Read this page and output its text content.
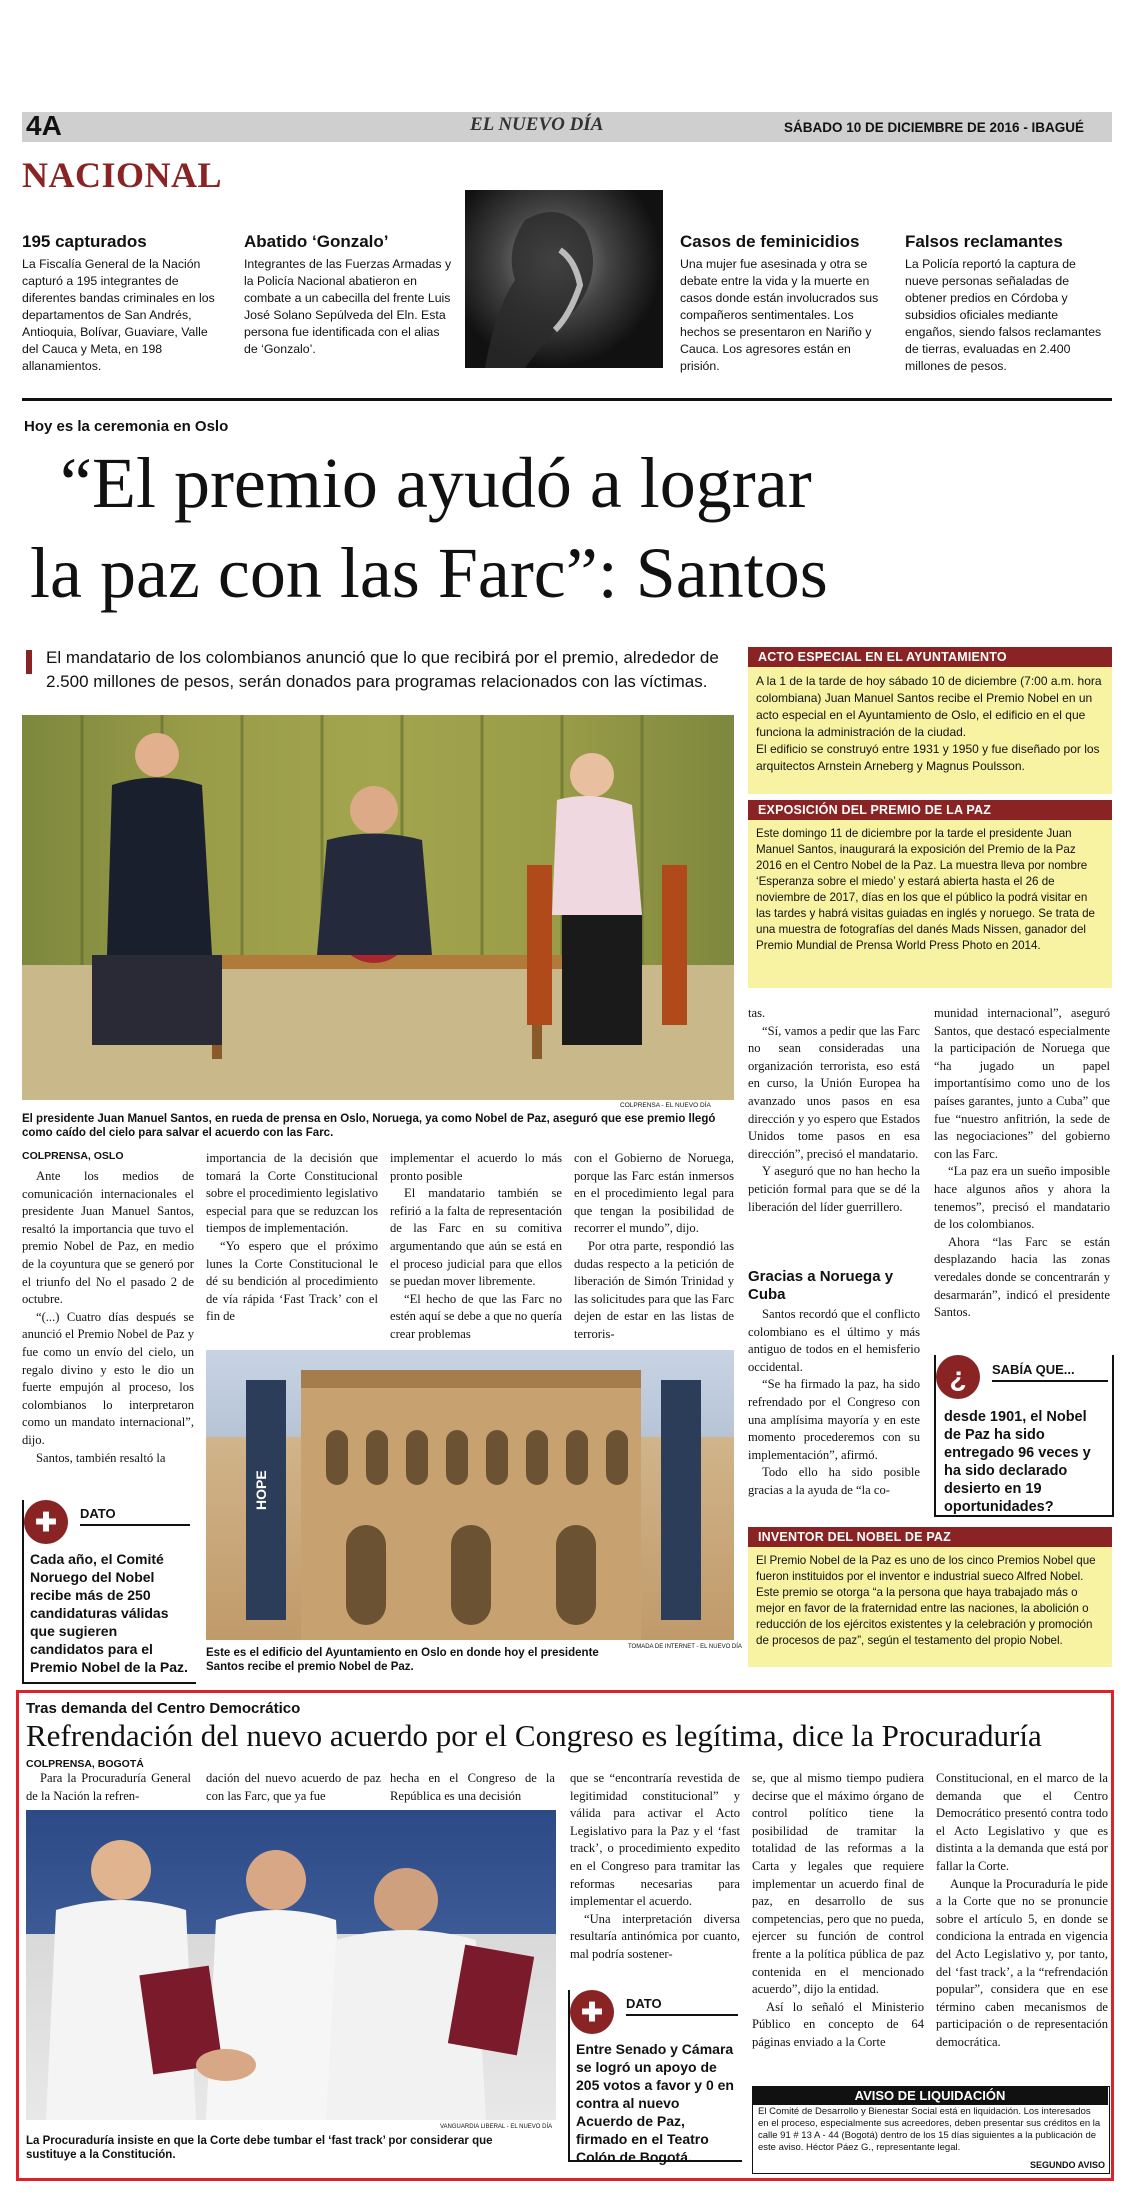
4A	EL NUEVO DÍA	SÁBADO 10 DE DICIEMBRE DE 2016 - IBAGUÉ
NACIONAL
195 capturados

La Fiscalía General de la Nación capturó a 195 integrantes de diferentes bandas criminales en los departamentos de San Andrés, Antioquia, Bolívar, Guaviare, Valle del Cauca y Meta, en 198 allanamientos.

Abatido ‘Gonzalo’

Integrantes de las Fuerzas Armadas y la Policía Nacional abatieron en combate a un cabecilla del frente Luis José Solano Sepúlveda del Eln. Esta persona fue identificada con el alias de ‘Gonzalo’.

Casos de feminicidios

Una mujer fue asesinada y otra se debate entre la vida y la muerte en casos donde están involucrados sus compañeros sentimentales. Los hechos se presentaron en Nariño y Cauca. Los agresores están en prisión.

Falsos reclamantes

La Policía reportó la captura de nueve personas señaladas de obtener predios en Córdoba y subsidios oficiales mediante engaños, siendo falsos reclamantes de tierras, evaluadas en 2.400 millones de pesos.

Hoy es la ceremonia en Oslo
“El premio ayudó a lograr
la paz con las Farc”: Santos
El mandatario de los colombianos anunció que lo que recibirá por el premio, alrededor de 2.500 millones de pesos, serán donados para programas relacionados con las víctimas.
COLPRENSA - EL NUEVO DÍA
El presidente Juan Manuel Santos, en rueda de prensa en Oslo, Noruega, ya como Nobel de Paz, aseguró que ese premio llegó como caído del cielo para salvar el acuerdo con las Farc.
COLPRENSA, OSLO

Ante los medios de comunicación internacionales el presidente Juan Manuel Santos, resaltó la importancia que tuvo el premio Nobel de Paz, en medio de la coyuntura que se generó por el triunfo del No el pasado 2 de octubre.

“(...) Cuatro días después se anunció el Premio Nobel de Paz y fue como un envío del cielo, un regalo divino y esto le dio un fuerte empujón al proceso, los colombianos lo interpretaron como un mandato internacional”, dijo.

Santos, también resaltó la

importancia de la decisión que tomará la Corte Constitucional sobre el procedimiento legislativo especial para que se reduzcan los tiempos de implementación.

“Yo espero que el próximo lunes la Corte Constitucional le dé su bendición al procedimiento de vía rápida ‘Fast Track’ con el fin de

implementar el acuerdo lo más pronto posible

El mandatario también se refirió a la falta de representación de las Farc en su comitiva argumentando que aún se está en el proceso judicial para que ellos se puedan mover libremente.

“El hecho de que las Farc no estén aquí se debe a que no quería crear problemas

con el Gobierno de Noruega, porque las Farc están inmersos en el procedimiento legal para que tengan la posibilidad de recorrer el mundo”, dijo.

Por otra parte, respondió las dudas respecto a la petición de liberación de Simón Trinidad y las solicitudes para que las Farc dejen de estar en las listas de terroris-

HOPE
TOMADA DE INTERNET - EL NUEVO DÍA
Este es el edificio del Ayuntamiento en Oslo en donde hoy el presidente Santos recibe el premio Nobel de Paz.
✚	DATO
Cada año, el Comité Noruego del Nobel recibe más de 250 candidaturas válidas que sugieren candidatos para el Premio Nobel de la Paz.

tas.

“Sí, vamos a pedir que las Farc no sean consideradas una organización terrorista, eso está en curso, la Unión Europea ha avanzado unos pasos en esa dirección y yo espero que Estados Unidos tome pasos en esa dirección”, precisó el mandatario.

Y aseguró que no han hecho la petición formal para que se dé la liberación del líder guerrillero.

Gracias a Noruega y Cuba

Santos recordó que el conflicto colombiano es el último y más antiguo de todos en el hemisferio occidental.

“Se ha firmado la paz, ha sido refrendado por el Congreso con una amplísima mayoría y en este momento procederemos con su implementación”, afirmó.

Todo ello ha sido posible gracias a la ayuda de “la co-

munidad internacional”, aseguró Santos, que destacó especialmente la participación de Noruega que “ha jugado un papel importantísimo como uno de los países garantes, junto a Cuba” que fue “nuestro anfitrión, la sede de las negociaciones” del gobierno con las Farc.

“La paz era un sueño imposible hace algunos años y ahora la tenemos”, precisó el mandatario de los colombianos.

Ahora “las Farc se están desplazando hacia las zonas veredales donde se concentrarán y desarmarán”, indicó el presidente Santos.

¿	SABÍA QUE...
desde 1901, el Nobel de Paz ha sido entregado 96 veces y ha sido declarado desierto en 19 oportunidades?
ACTO ESPECIAL EN EL AYUNTAMIENTO
A la 1 de la tarde de hoy sábado 10 de diciembre (7:00 a.m. hora colombiana) Juan Manuel Santos recibe el Premio Nobel en un acto especial en el Ayuntamiento de Oslo, el edificio en el que funciona la administración de la ciudad.
El edificio se construyó entre 1931 y 1950 y fue diseñado por los arquitectos Arnstein Arneberg y Magnus Poulsson.
EXPOSICIÓN DEL PREMIO DE LA PAZ
Este domingo 11 de diciembre por la tarde el presidente Juan Manuel Santos, inaugurará la exposición del Premio de la Paz 2016 en el Centro Nobel de la Paz. La muestra lleva por nombre ‘Esperanza sobre el miedo’ y estará abierta hasta el 26 de noviembre de 2017, días en los que el público la podrá visitar en las tardes y habrá visitas guiadas en inglés y noruego. Se trata de una muestra de fotografías del danés Mads Nissen, ganador del Premio Mundial de Prensa World Press Photo en 2014.
INVENTOR DEL NOBEL DE PAZ
El Premio Nobel de la Paz es uno de los cinco Premios Nobel que fueron instituidos por el inventor e industrial sueco Alfred Nobel. Este premio se otorga “a la persona que haya trabajado más o mejor en favor de la fraternidad entre las naciones, la abolición o reducción de los ejércitos existentes y la celebración y promoción de procesos de paz”, según el testamento del propio Nobel.
Tras demanda del Centro Democrático
Refrendación del nuevo acuerdo por el Congreso es legítima, dice la Procuraduría
COLPRENSA, BOGOTÁ

Para la Procuraduría General de la Nación la refren-

dación del nuevo acuerdo de paz con las Farc, que ya fue

hecha en el Congreso de la República es una decisión

que se “encontraría revestida de legitimidad constitucional” y válida para activar el Acto Legislativo para la Paz y el ‘fast track’, o procedimiento expedito en el Congreso para tramitar las reformas necesarias para implementar el acuerdo.

“Una interpretación diversa resultaría antinómica por cuanto, mal podría sostener-

se, que al mismo tiempo pudiera decirse que el máximo órgano de control político tiene la posibilidad de tramitar la totalidad de las reformas a la Carta y legales que requiere implementar un acuerdo final de paz, en desarrollo de sus competencias, pero que no pueda, ejercer su función de control frente a la política pública de paz contenida en el mencionado acuerdo”, dijo la entidad.

Así lo señaló el Ministerio Público en concepto de 64 páginas enviado a la Corte

Constitucional, en el marco de la demanda que el Centro Democrático presentó contra todo el Acto Legislativo y que es distinta a la demanda que está por fallar la Corte.

Aunque la Procuraduría le pide a la Corte que no se pronuncie sobre el artículo 5, en donde se condiciona la entrada en vigencia del Acto Legislativo y, por tanto, del ‘fast track’, a la “refrendación popular”, considera que en ese término caben mecanismos de participación o de representación democrática.

VANGUARDIA LIBERAL - EL NUEVO DÍA
La Procuraduría insiste en que la Corte debe tumbar el ‘fast track’ por considerar que sustituye a la Constitución.
✚	DATO
Entre Senado y Cámara se logró un apoyo de 205 votos a favor y 0 en contra al nuevo Acuerdo de Paz, firmado en el Teatro Colón de Bogotá.
AVISO DE LIQUIDACIÓN
El Comité de Desarrollo y Bienestar Social está en liquidación. Los interesados en el proceso, especialmente sus acreedores, deben presentar sus créditos en la calle 91 # 13 A - 44 (Bogotá) dentro de los 15 días siguientes a la publicación de este aviso. Héctor Páez G., representante legal.
SEGUNDO AVISO
